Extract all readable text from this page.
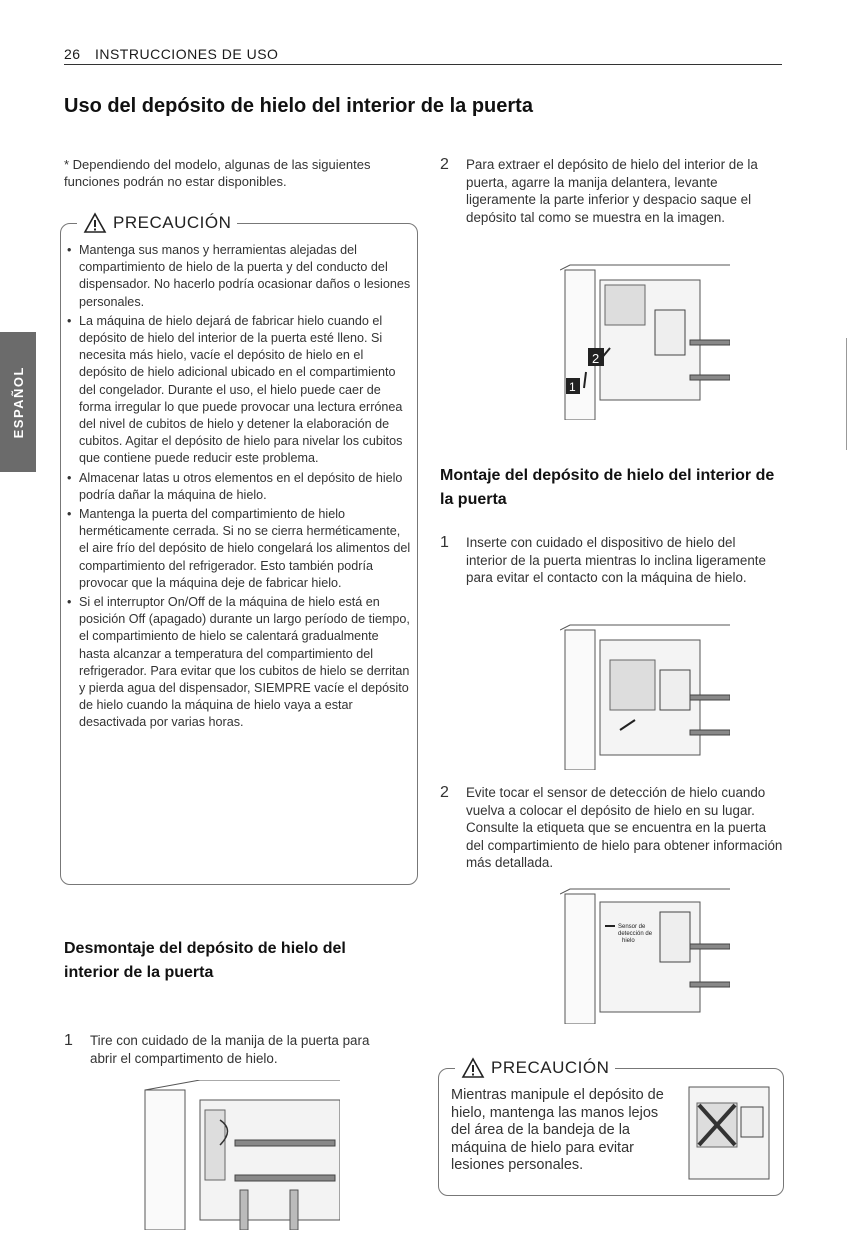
26 INSTRUCCIONES DE USO
Uso del depósito de hielo del interior de la puerta
ESPAÑOL
* Dependiendo del modelo, algunas de las siguientes funciones podrán no estar disponibles.
PRECAUCIÓN
• Mantenga sus manos y herramientas alejadas del compartimiento de hielo de la puerta y del conducto del dispensador. No hacerlo podría ocasionar daños o lesiones personales.
• La máquina de hielo dejará de fabricar hielo cuando el depósito de hielo del interior de la puerta esté lleno. Si necesita más hielo, vacíe el depósito de hielo en el depósito de hielo adicional ubicado en el compartimiento del congelador. Durante el uso, el hielo puede caer de forma irregular lo que puede provocar una lectura errónea del nivel de cubitos de hielo y detener la elaboración de cubitos. Agitar el depósito de hielo para nivelar los cubitos que contiene puede reducir este problema.
• Almacenar latas u otros elementos en el depósito de hielo podría dañar la máquina de hielo.
• Mantenga la puerta del compartimiento de hielo herméticamente cerrada. Si no se cierra herméticamente, el aire frío del depósito de hielo congelará los alimentos del compartimiento del refrigerador. Esto también podría provocar que la máquina deje de fabricar hielo.
• Si el interruptor On/Off de la máquina de hielo está en posición Off (apagado) durante un largo período de tiempo, el compartimiento de hielo se calentará gradualmente hasta alcanzar a temperatura del compartimiento del refrigerador. Para evitar que los cubitos de hielo se derritan y pierda agua del dispensador, SIEMPRE vacíe el depósito de hielo cuando la máquina de hielo vaya a estar desactivada por varias horas.
Desmontaje del depósito de hielo del interior de la puerta
1	Tire con cuidado de la manija de la puerta para abrir el compartimento de hielo.
2	Para extraer el depósito de hielo del interior de la puerta, agarre la manija delantera, levante ligeramente la parte inferior y despacio saque el depósito tal como se muestra en la imagen.
2
1
Montaje del depósito de hielo del interior de la puerta
1	Inserte con cuidado el dispositivo de hielo del interior de la puerta mientras lo inclina ligeramente para evitar el contacto con la máquina de hielo.
2	Evite tocar el sensor de detección de hielo cuando vuelva a colocar el depósito de hielo en su lugar. Consulte la etiqueta que se encuentra en la puerta del compartimiento de hielo para obtener información más detallada.
Sensor de
detección de
hielo
PRECAUCIÓN
Mientras manipule el depósito de hielo, mantenga las manos lejos del área de la bandeja de la máquina de hielo para evitar lesiones personales.
